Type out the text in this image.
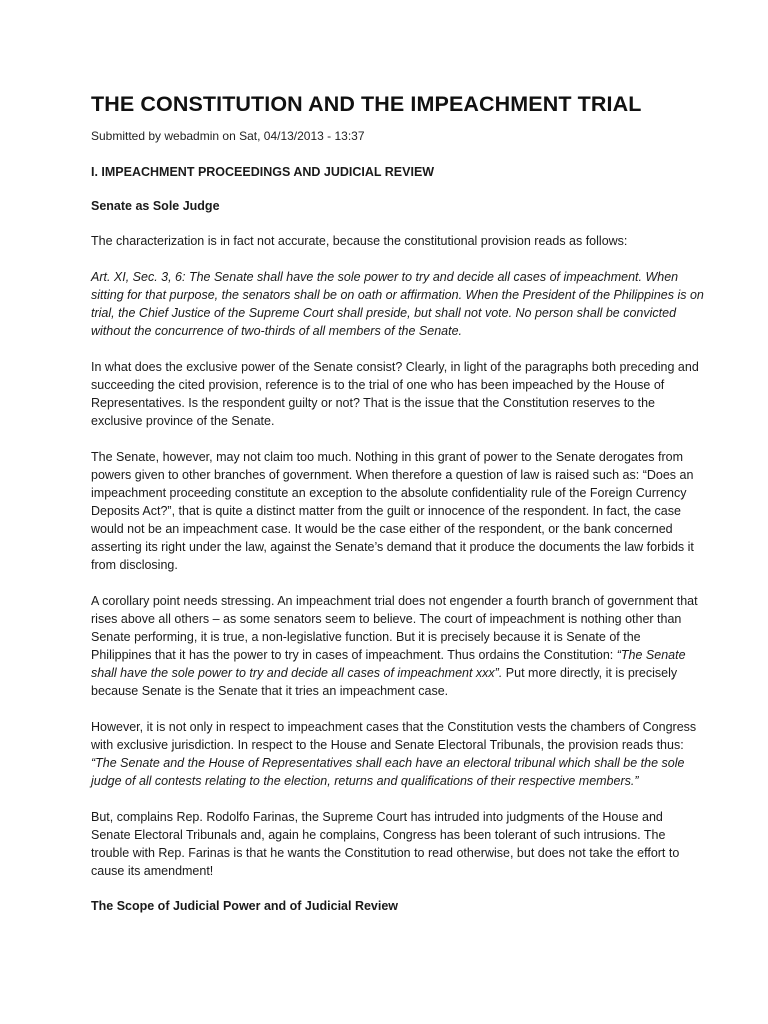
THE CONSTITUTION AND THE IMPEACHMENT TRIAL
Submitted by webadmin on Sat, 04/13/2013 - 13:37
I. IMPEACHMENT PROCEEDINGS AND JUDICIAL REVIEW
Senate as Sole Judge

The characterization is in fact not accurate, because the constitutional provision reads as follows:

Art. XI, Sec. 3, 6: The Senate shall have the sole power to try and decide all cases of impeachment. When sitting for that purpose, the senators shall be on oath or affirmation. When the President of the Philippines is on trial, the Chief Justice of the Supreme Court shall preside, but shall not vote. No person shall be convicted without the concurrence of two-thirds of all members of the Senate.

In what does the exclusive power of the Senate consist? Clearly, in light of the paragraphs both preceding and succeeding the cited provision, reference is to the trial of one who has been impeached by the House of Representatives. Is the respondent guilty or not? That is the issue that the Constitution reserves to the exclusive province of the Senate.

The Senate, however, may not claim too much. Nothing in this grant of power to the Senate derogates from powers given to other branches of government. When therefore a question of law is raised such as: “Does an impeachment proceeding constitute an exception to the absolute confidentiality rule of the Foreign Currency Deposits Act?”, that is quite a distinct matter from the guilt or innocence of the respondent. In fact, the case would not be an impeachment case. It would be the case either of the respondent, or the bank concerned asserting its right under the law, against the Senate’s demand that it produce the documents the law forbids it from disclosing.

A corollary point needs stressing. An impeachment trial does not engender a fourth branch of government that rises above all others – as some senators seem to believe. The court of impeachment is nothing other than Senate performing, it is true, a non-legislative function. But it is precisely because it is Senate of the Philippines that it has the power to try in cases of impeachment. Thus ordains the Constitution: “The Senate shall have the sole power to try and decide all cases of impeachment xxx”. Put more directly, it is precisely because Senate is the Senate that it tries an impeachment case.

However, it is not only in respect to impeachment cases that the Constitution vests the chambers of Congress with exclusive jurisdiction. In respect to the House and Senate Electoral Tribunals, the provision reads thus: “The Senate and the House of Representatives shall each have an electoral tribunal which shall be the sole judge of all contests relating to the election, returns and qualifications of their respective members.”

But, complains Rep. Rodolfo Farinas, the Supreme Court has intruded into judgments of the House and Senate Electoral Tribunals and, again he complains, Congress has been tolerant of such intrusions. The trouble with Rep. Farinas is that he wants the Constitution to read otherwise, but does not take the effort to cause its amendment!

The Scope of Judicial Power and of Judicial Review
